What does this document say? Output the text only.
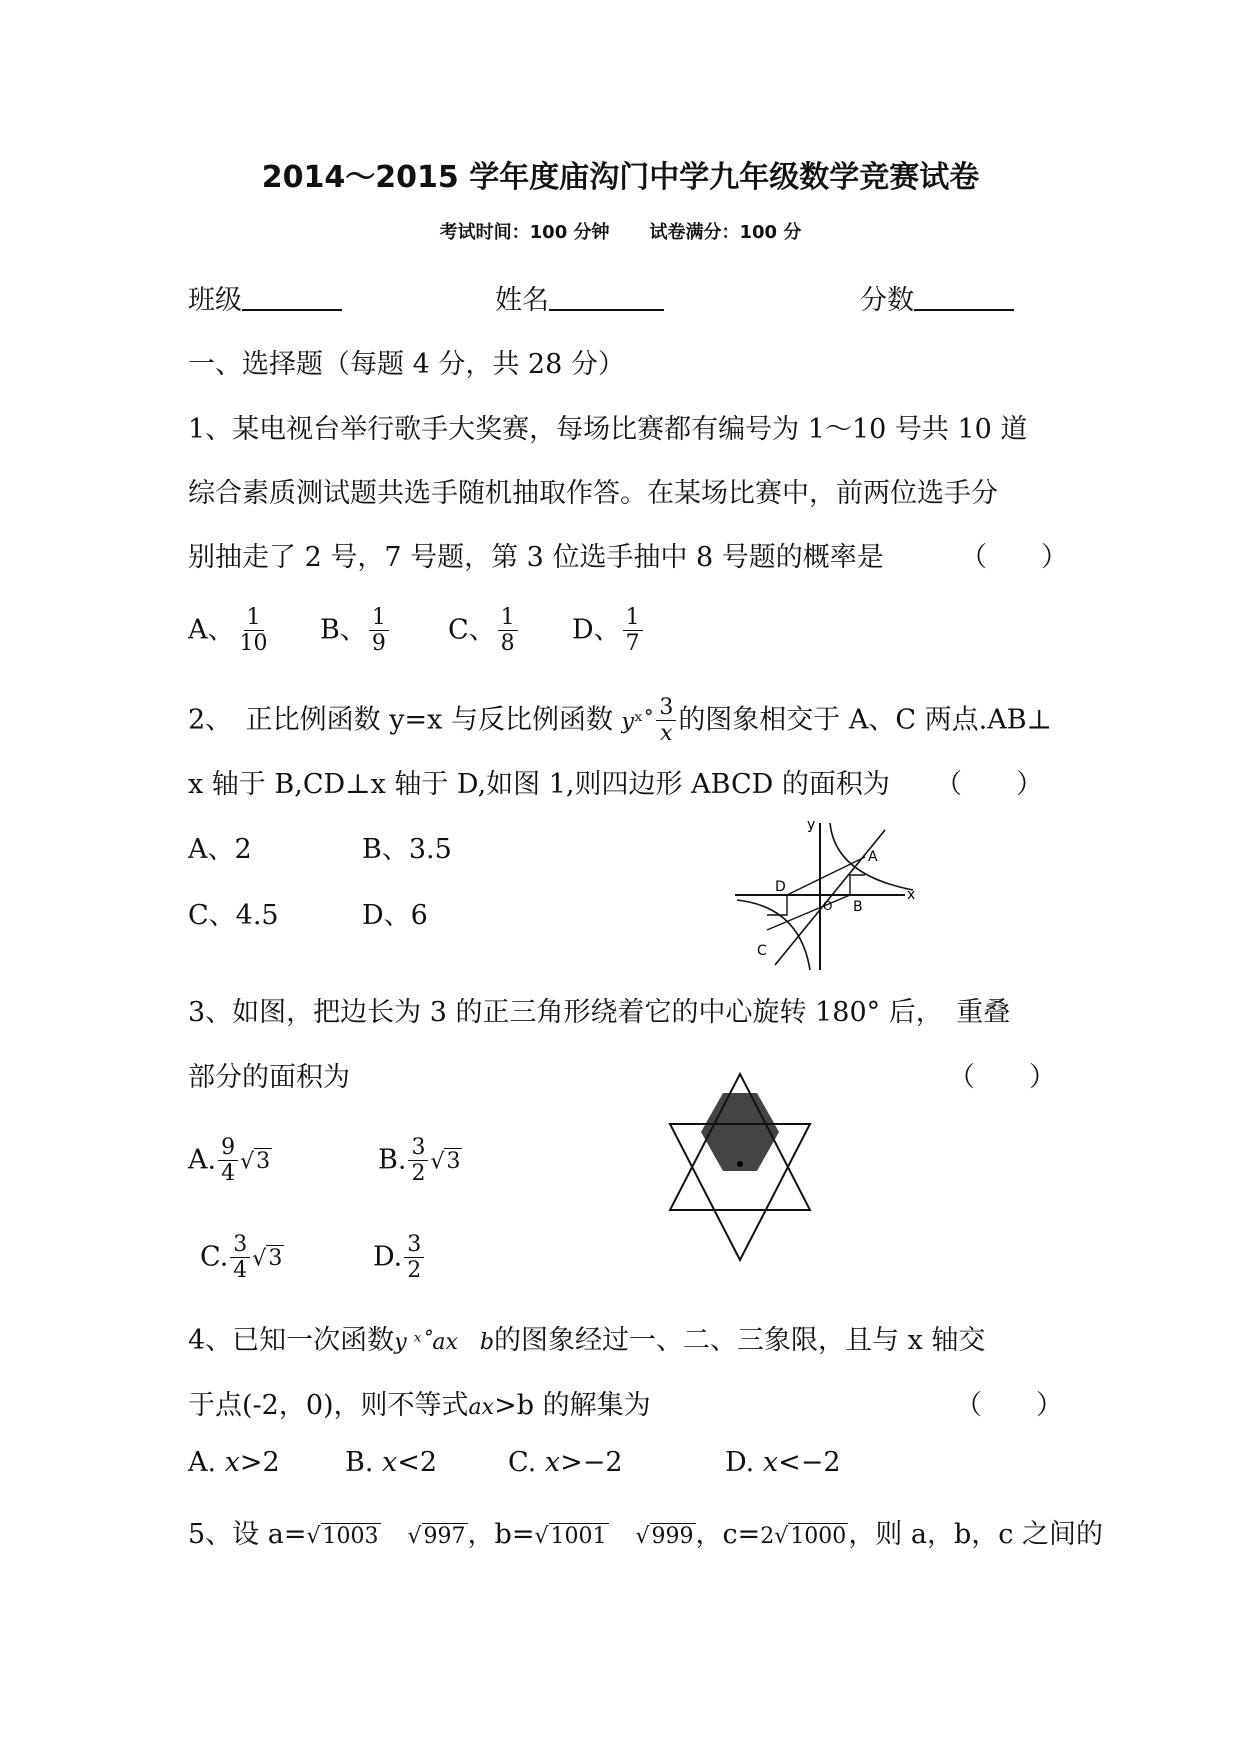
2014～2015 学年度庙沟门中学九年级数学竞赛试卷
考试时间：100 分钟 试卷满分：100 分
班级	姓名	分数
一、选择题（每题 4 分，共 28 分）
1、某电视台举行歌手大奖赛，每场比赛都有编号为 1～10 号共 10 道
综合素质测试题共选手随机抽取作答。在某场比赛中，前两位选手分
别抽走了 2 号，7 号题，第 3 位选手抽中 8 号题的概率是	（　　）
A、 $\frac{1}{10}$ B、 $\frac{1}{9}$ C、 $\frac{1}{8}$ D、 $\frac{1}{7}$
2、　正比例函数 y=x 与反比例函数 yˣ˚ $\frac{3}{x}$ 的图象相交于 A、C 两点.AB⊥
x 轴于 B,CD⊥x 轴于 D,如图 1,则四边形 ABCD 的面积为 （　　）
A、2	B、3.5
C、4.5	D、6
y
x
A
B
C
D
O
3、如图，把边长为 3 的正三角形绕着它的中心旋转 180° 后，　重叠
部分的面积为	（　　）
A. $\frac{9}{4} √3$	B. $\frac{3}{2} √3$
C. $\frac{3}{4} √3$	D. $\frac{3}{2}$
4、已知一次函数y ˣ˚ax　b的图象经过一、二、三象限，且与 x 轴交
于点(-2，0)，则不等式ax>b 的解集为	（　　）
A. x>2 B. x<2	C. x>−2	D. x<−2
5、设 a=√1003　 √997，b=√1001　 √999，c=2√1000，则 a，b，c 之间的
